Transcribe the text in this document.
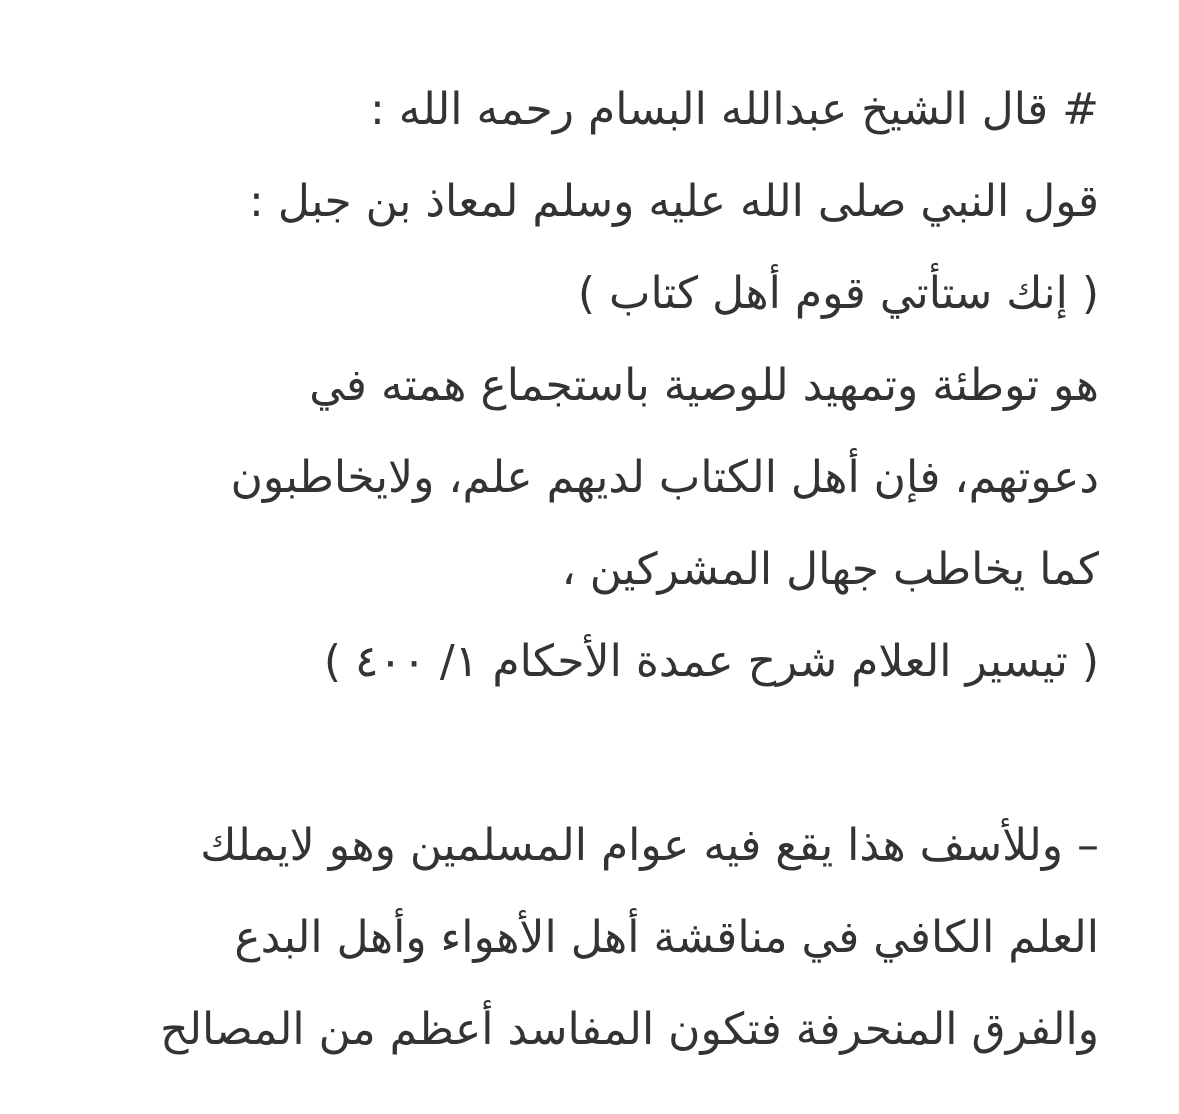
# قال الشيخ عبدالله البسام رحمه الله :
قول النبي صلى الله عليه وسلم لمعاذ بن جبل :
( إنك ستأتي قوم أهل كتاب )
هو توطئة وتمهيد للوصية باستجماع همته في
دعوتهم، فإن أهل الكتاب لديهم علم، ولايخاطبون
كما يخاطب جهال المشركين ،
( تيسير العلام شرح عمدة الأحكام ١/ ٤٠٠ )
– وللأسف هذا يقع فيه عوام المسلمين وهو لايملك
العلم الكافي في مناقشة أهل الأهواء وأهل البدع
والفرق المنحرفة فتكون المفاسد أعظم من المصالح
